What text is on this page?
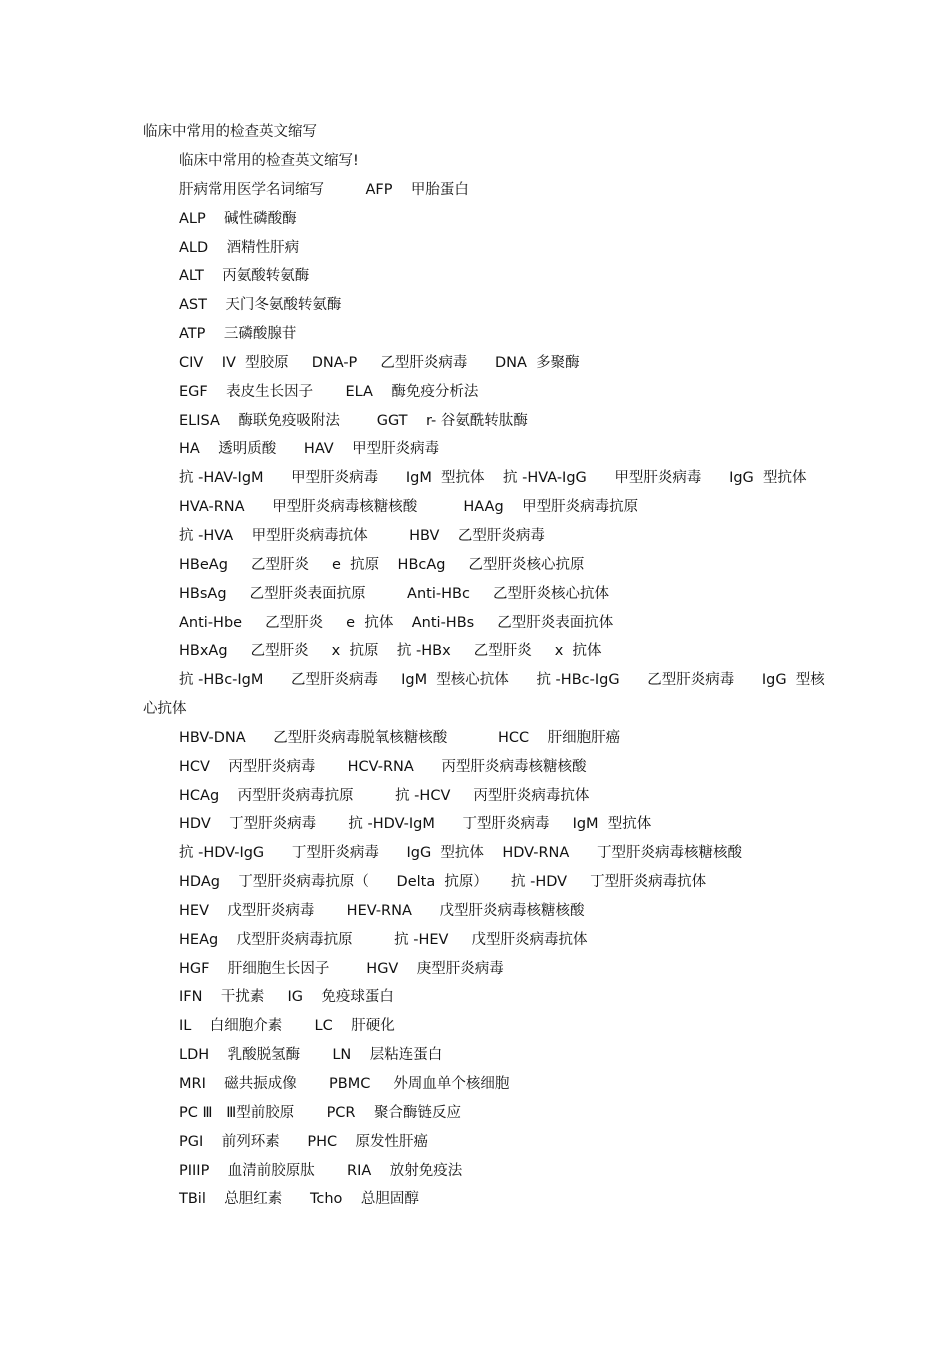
临床中常用的检查英文缩写
临床中常用的检查英文缩写!
肝病常用医学名词缩写         AFP    甲胎蛋白
ALP    碱性磷酸酶
ALD    酒精性肝病
ALT    丙氨酸转氨酶
AST    天门冬氨酸转氨酶
ATP    三磷酸腺苷
CIV    IV  型胶原     DNA-P     乙型肝炎病毒      DNA  多聚酶
EGF    表皮生长因子       ELA    酶免疫分析法
ELISA    酶联免疫吸附法        GGT    r- 谷氨酰转肽酶
HA    透明质酸      HAV    甲型肝炎病毒
抗 -HAV-IgM      甲型肝炎病毒      IgM  型抗体    抗 -HVA-IgG      甲型肝炎病毒      IgG  型抗体
HVA-RNA      甲型肝炎病毒核糖核酸          HAAg    甲型肝炎病毒抗原
抗 -HVA    甲型肝炎病毒抗体         HBV    乙型肝炎病毒
HBeAg     乙型肝炎     e  抗原    HBcAg     乙型肝炎核心抗原
HBsAg     乙型肝炎表面抗原         Anti-HBc     乙型肝炎核心抗体
Anti-Hbe     乙型肝炎     e  抗体    Anti-HBs     乙型肝炎表面抗体
HBxAg     乙型肝炎     x  抗原    抗 -HBx     乙型肝炎     x  抗体
抗 -HBc-IgM      乙型肝炎病毒     IgM  型核心抗体      抗 -HBc-IgG      乙型肝炎病毒      IgG  型核
心抗体
HBV-DNA      乙型肝炎病毒脱氧核糖核酸           HCC    肝细胞肝癌
HCV    丙型肝炎病毒       HCV-RNA      丙型肝炎病毒核糖核酸
HCAg    丙型肝炎病毒抗原         抗 -HCV     丙型肝炎病毒抗体
HDV    丁型肝炎病毒       抗 -HDV-IgM      丁型肝炎病毒     IgM  型抗体
抗 -HDV-IgG      丁型肝炎病毒      IgG  型抗体    HDV-RNA      丁型肝炎病毒核糖核酸
HDAg    丁型肝炎病毒抗原（      Delta  抗原）     抗 -HDV     丁型肝炎病毒抗体
HEV    戊型肝炎病毒       HEV-RNA      戊型肝炎病毒核糖核酸
HEAg    戊型肝炎病毒抗原         抗 -HEV     戊型肝炎病毒抗体
HGF    肝细胞生长因子        HGV    庚型肝炎病毒
IFN    干扰素     IG    免疫球蛋白
IL    白细胞介素       LC    肝硬化
LDH    乳酸脱氢酶       LN    层粘连蛋白
MRI    磁共振成像       PBMC     外周血单个核细胞
PC Ⅲ   Ⅲ型前胶原       PCR    聚合酶链反应
PGI    前列环素      PHC    原发性肝癌
PIIIP    血清前胶原肽       RIA    放射免疫法
TBil    总胆红素      Tcho    总胆固醇
